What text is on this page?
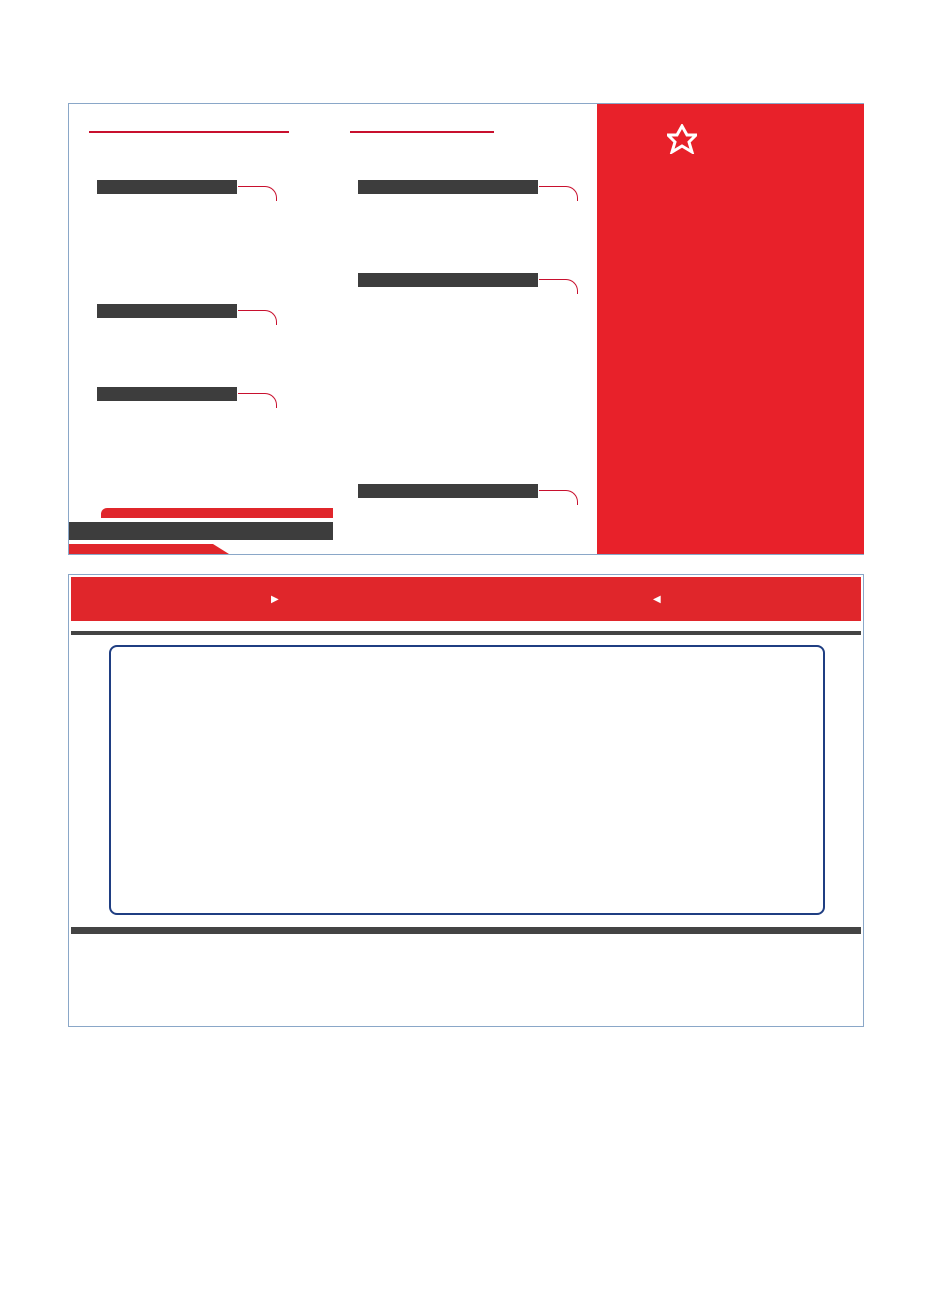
▶	◀
